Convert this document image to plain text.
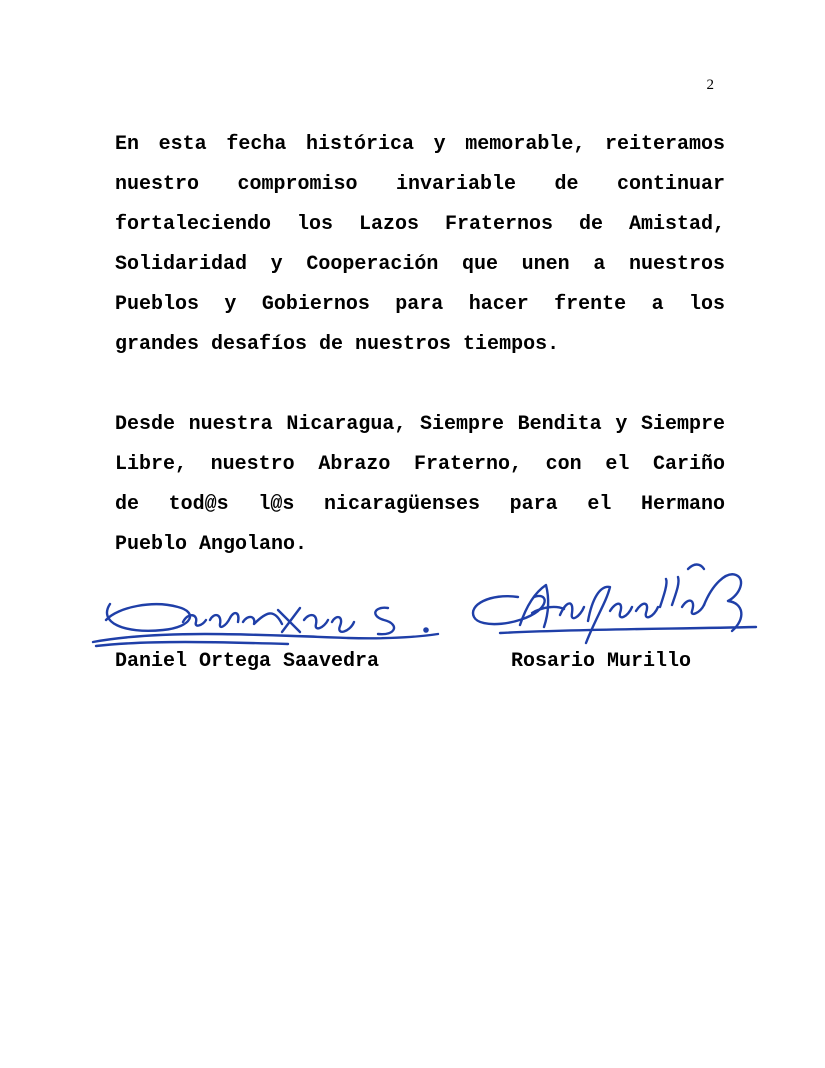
2
En esta fecha histórica y memorable, reiteramos
nuestro compromiso invariable de continuar
fortaleciendo los Lazos Fraternos de Amistad,
Solidaridad y Cooperación que unen a nuestros
Pueblos y Gobiernos para hacer frente a los
grandes desafíos de nuestros tiempos.
Desde nuestra Nicaragua, Siempre Bendita y Siempre
Libre, nuestro Abrazo Fraterno, con el Cariño
de tod@s l@s nicaragüenses para el Hermano
Pueblo Angolano.
Daniel Ortega Saavedra	Rosario Murillo
